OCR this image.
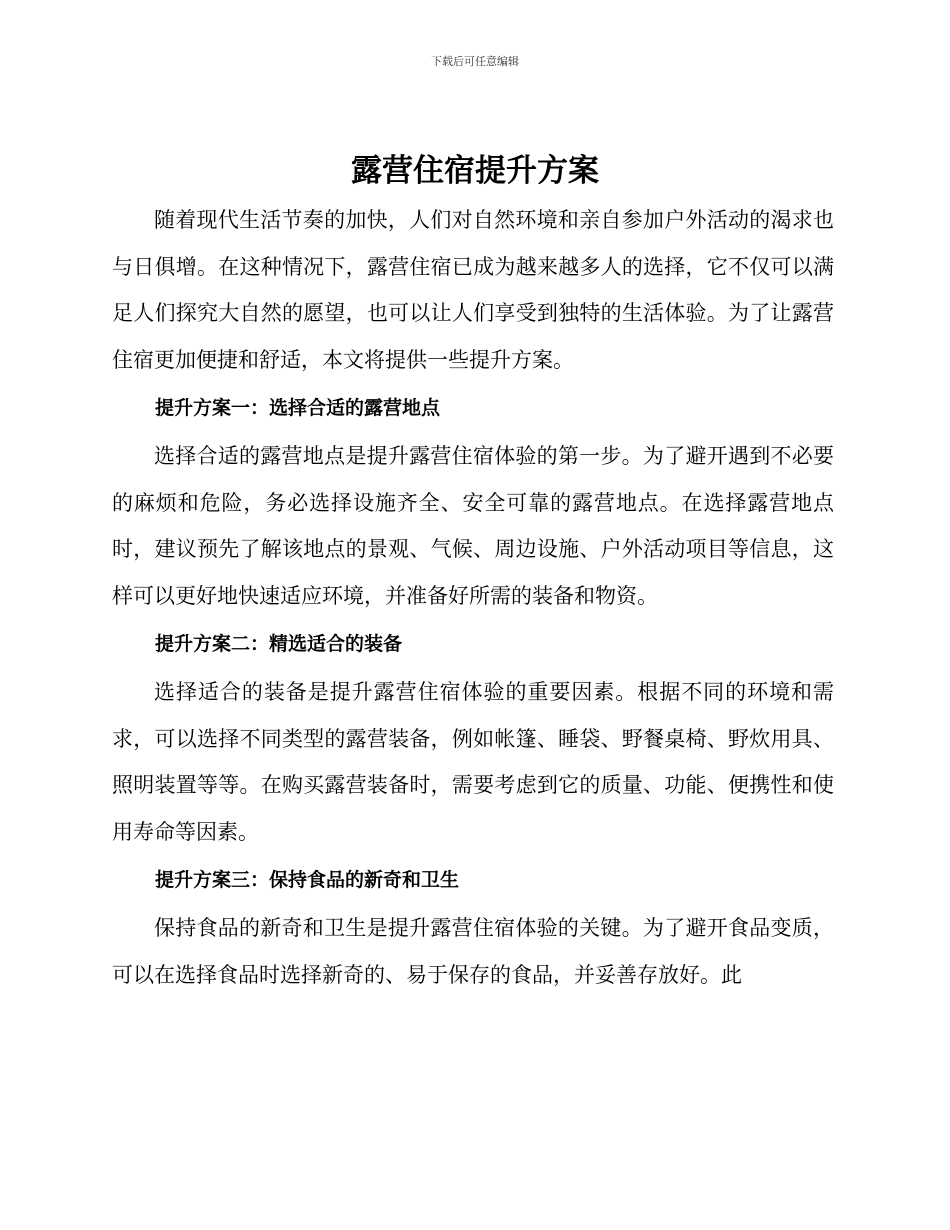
下载后可任意编辑
露营住宿提升方案

随着现代生活节奏的加快，人们对自然环境和亲自参加户外活动的渴求也与日俱增。在这种情况下，露营住宿已成为越来越多人的选择，它不仅可以满足人们探究大自然的愿望，也可以让人们享受到独特的生活体验。为了让露营住宿更加便捷和舒适，本文将提供一些提升方案。

提升方案一：选择合适的露营地点

选择合适的露营地点是提升露营住宿体验的第一步。为了避开遇到不必要的麻烦和危险，务必选择设施齐全、安全可靠的露营地点。在选择露营地点时，建议预先了解该地点的景观、气候、周边设施、户外活动项目等信息，这样可以更好地快速适应环境，并准备好所需的装备和物资。

提升方案二：精选适合的装备

选择适合的装备是提升露营住宿体验的重要因素。根据不同的环境和需求，可以选择不同类型的露营装备，例如帐篷、睡袋、野餐桌椅、野炊用具、照明装置等等。在购买露营装备时，需要考虑到它的质量、功能、便携性和使用寿命等因素。

提升方案三：保持食品的新奇和卫生

保持食品的新奇和卫生是提升露营住宿体验的关键。为了避开食品变质，可以在选择食品时选择新奇的、易于保存的食品，并妥善存放好。此
